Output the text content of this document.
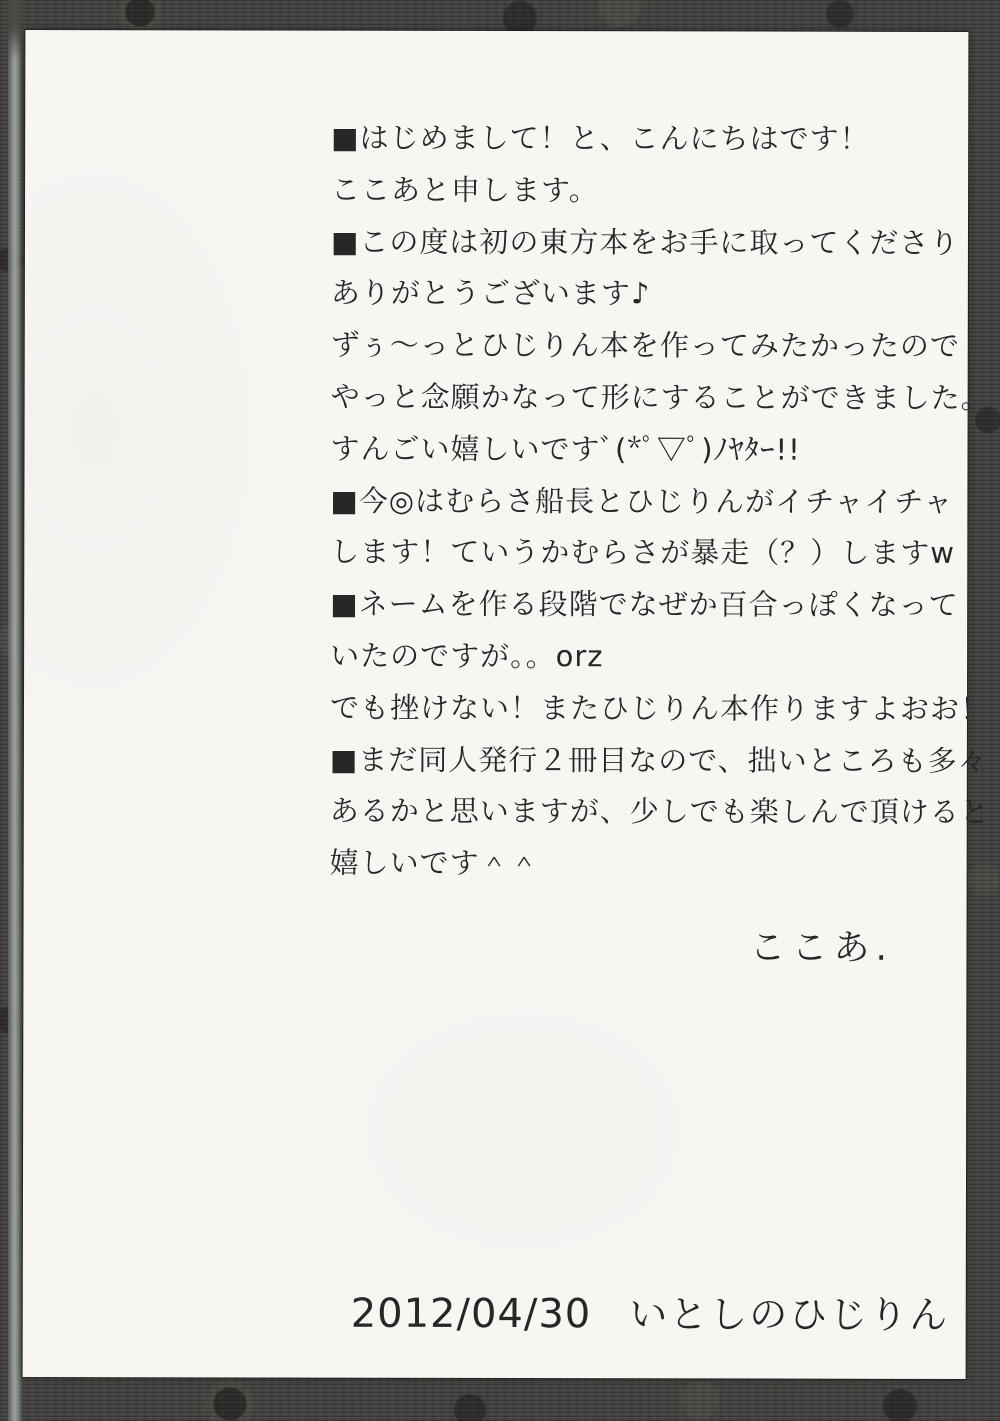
■はじめまして！と、こんにちはです！

ここあと申します。

■この度は初の東方本をお手に取ってくださり

ありがとうございます♪

ずぅ～っとひじりん本を作ってみたかったので

やっと念願かなって形にすることができました。

すんごい嬉しいですﾞ(*ﾟ▽ﾟ)ﾉﾔﾀｰ!!

■今◎はむらさ船長とひじりんがイチャイチャ

します！ていうかむらさが暴走（？）しますw

■ネームを作る段階でなぜか百合っぽくなって

いたのですが。。orz

でも挫けない！またひじりん本作りますよおお！

■まだ同人発行２冊目なので、拙いところも多々

あるかと思いますが、少しでも楽しんで頂けると

嬉しいです＾＾

ここあ.
2012/04/30 いとしのひじりん
